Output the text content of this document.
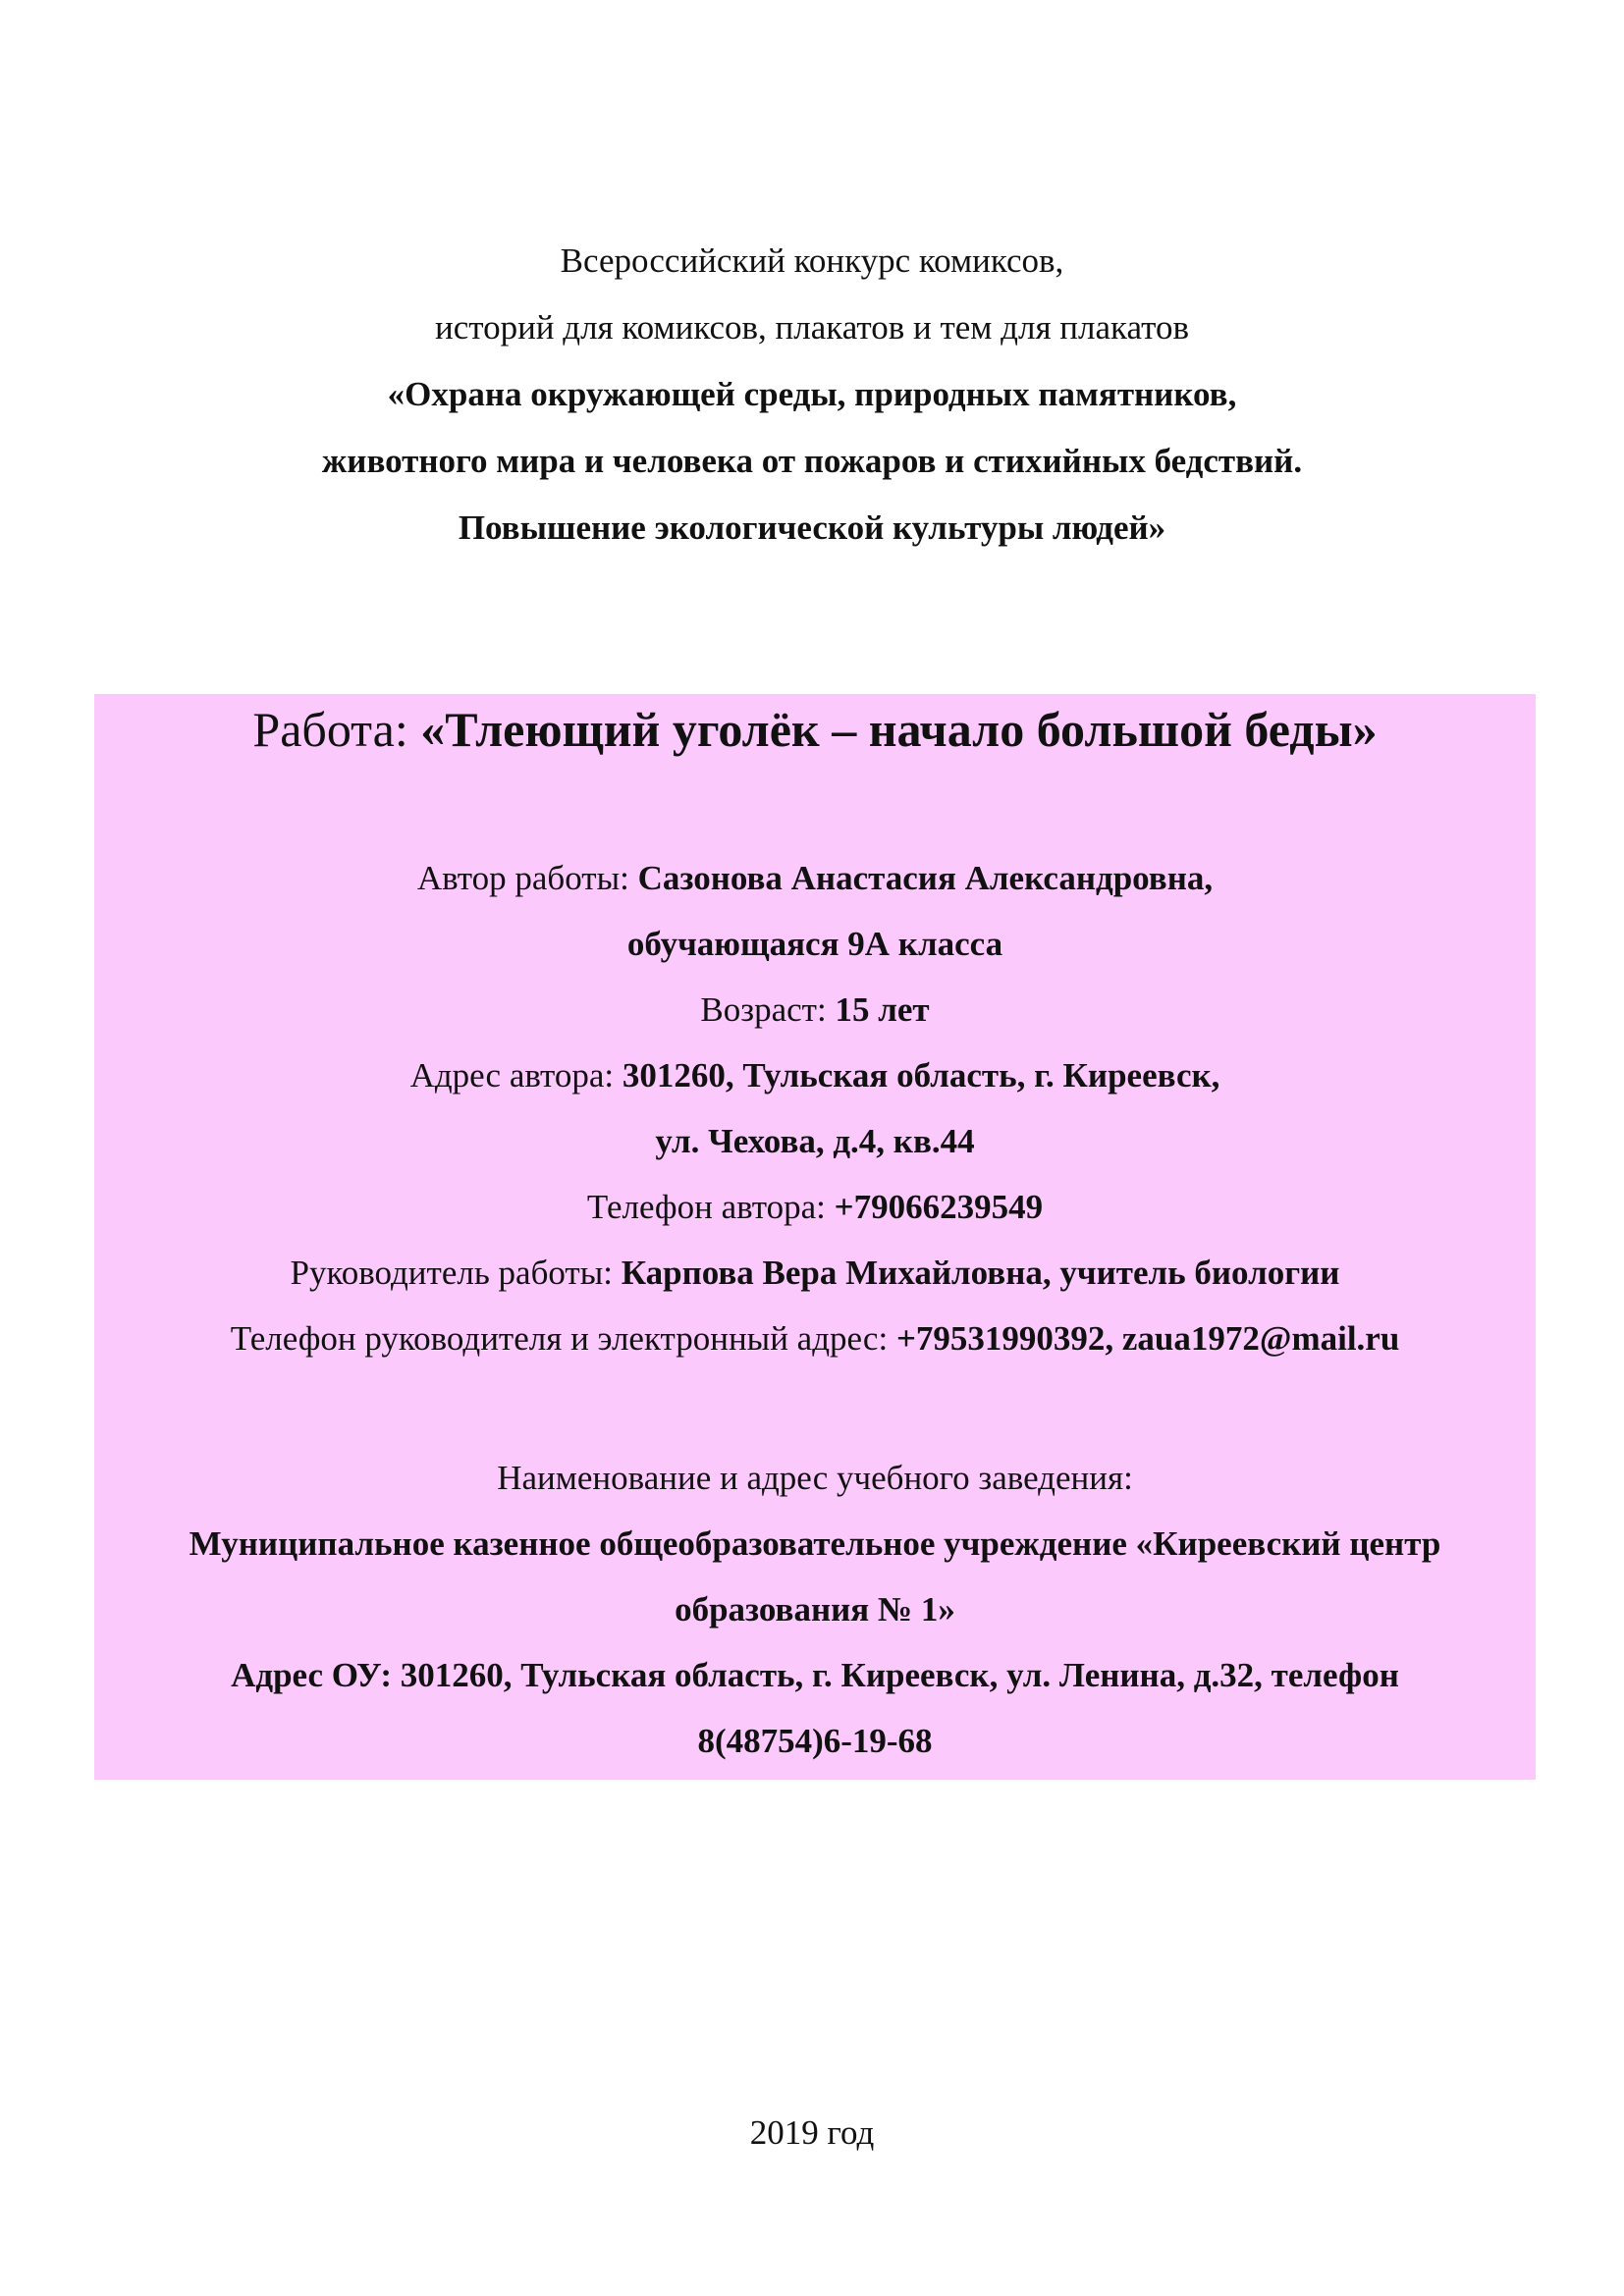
Всероссийский конкурс комиксов,
историй для комиксов, плакатов и тем для плакатов
«Охрана окружающей среды, природных памятников,
животного мира и человека от пожаров и стихийных бедствий.
Повышение экологической культуры людей»
Работа: «Тлеющий уголёк – начало большой беды»
Автор работы: Сазонова Анастасия Александровна,
обучающаяся 9А класса
Возраст: 15 лет
Адрес автора: 301260, Тульская область, г. Киреевск,
ул. Чехова, д.4, кв.44
Телефон автора: +79066239549
Руководитель работы: Карпова Вера Михайловна, учитель биологии
Телефон руководителя и электронный адрес: +79531990392, zaua1972@mail.ru
Наименование и адрес учебного заведения:
Муниципальное казенное общеобразовательное учреждение «Киреевский центр
образования № 1»
Адрес ОУ: 301260, Тульская область, г. Киреевск, ул. Ленина, д.32, телефон
8(48754)6-19-68
2019 год
